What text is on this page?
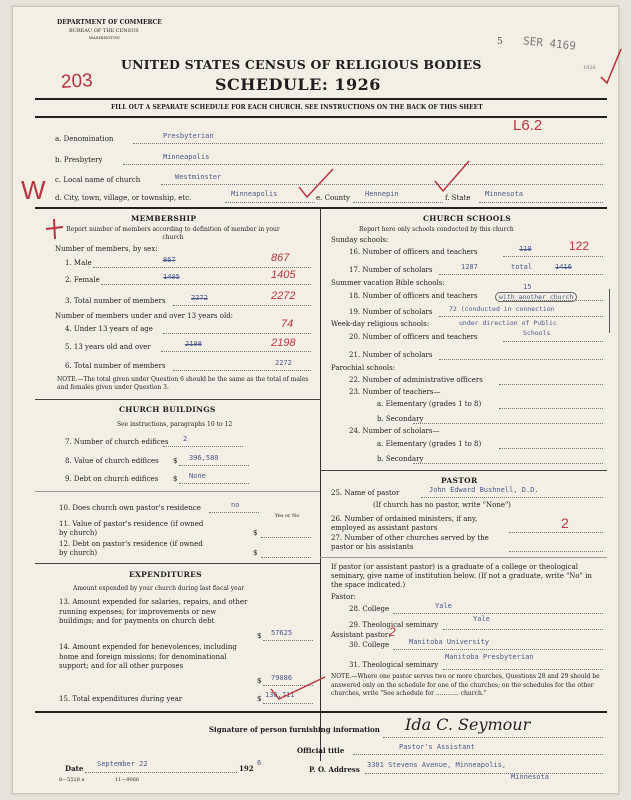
DEPARTMENT OF COMMERCE
BUREAU OF THE CENSUS
WASHINGTON	5 SER 4169
1926
UNITED STATES CENSUS OF RELIGIOUS BODIES
SCHEDULE: 1926
203
FILL OUT A SEPARATE SCHEDULE FOR EACH CHURCH. SEE INSTRUCTIONS ON THE BACK OF THIS SHEET
L6.2
W
a. Denomination	Presbyterian
b. Presbytery	Minneapolis
c. Local name of church	Westminster
d. City, town, village, or township, etc.	Minneapolis	e. County Hennepin	f. State Minnesota
MEMBERSHIP
Report number of members according to definition of member in your church
Number of members, by sex:
1. Male	867	867
2. Female	1405	1405
3. Total number of members	2272	2272
Number of members under and over 13 years old:
4. Under 13 years of age	74
5. 13 years old and over	2198	2198
6. Total number of members	2272
NOTE.—The total given under Question 6 should be the same as the total of males and females given under Question 3.
CHURCH BUILDINGS
See instructions, paragraphs 10 to 12
7. Number of church edifices 2
8. Value of church edifices $ 396,580
9. Debt on church edifices $ None
10. Does church own pastor's residence	no
Yes or No
11. Value of pastor's residence (if owned by church)	$
12. Debt on pastor's residence (if owned by church)	$
EXPENDITURES
Amount expended by your church during last fiscal year
13. Amount expended for salaries, repairs, and other running expenses; for improvements or new buildings; and for payments on church debt
$ 57625
14. Amount expended for benevolences, including home and foreign missions; for denominational support; and for all other purposes
$ 79086
15. Total expenditures during year	$ 136,711
CHURCH SCHOOLS
Report here only schools conducted by this church
Sunday schools:
16. Number of officers and teachers	119	122
17. Number of scholars	1287	total	1416
Summer vacation Bible schools:
18. Number of officers and teachers
15
with another church
19. Number of scholars	72 (conducted in connection
Week-day religious schools:	under direction of Public
20. Number of officers and teachers	Schools
21. Number of scholars
Parochial schools:
22. Number of administrative officers
23. Number of teachers—
a. Elementary (grades 1 to 8)
b. Secondary
24. Number of scholars—
a. Elementary (grades 1 to 8)
b. Secondary
PASTOR
25. Name of pastor	John Edward Bushnell, D.D.
(If church has no pastor, write "None")
26. Number of ordained ministers, if any, employed as assistant pastors	2
27. Number of other churches served by the pastor or his assistants
If pastor (or assistant pastor) is a graduate of a college or theological seminary, give name of institution below. (If not a graduate, write "No" in the space indicated.)
Pastor:
28. College	Yale
29. Theological seminary
Yale
Assistant pastor:
2
30. College	Manitoba University
31. Theological seminary
Manitoba Presbyterian
NOTE.—Where one pastor serves two or more churches, Questions 28 and 29 should be answered only on the schedule for one of the churches; on the schedules for the other churches, write "See schedule for ............ church."
Signature of person furnishing information Ida C. Seymour
Official title	Pastor's Assistant
Date September 22	192
6
P. O. Address 3301 Stevens Avenue, Minneapolis,
Minnesota
8—5518 a	11—9066
